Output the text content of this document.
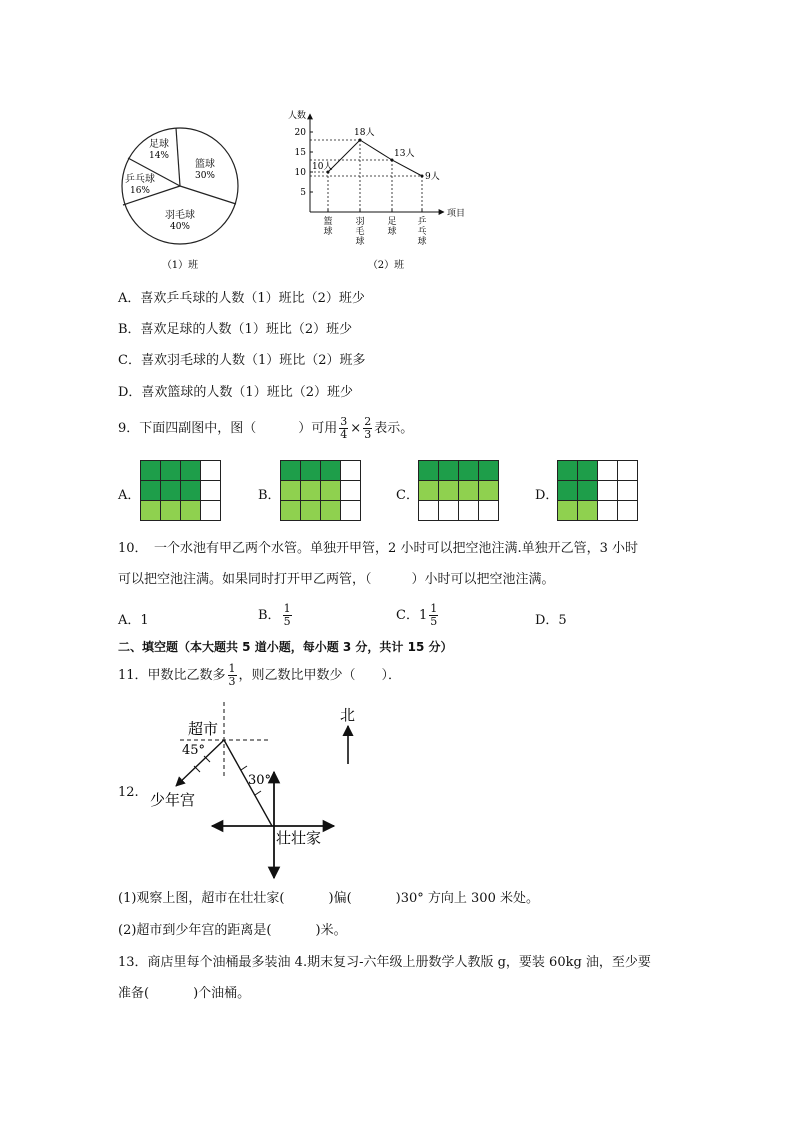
足球
14%
篮球
30%
羽毛球
40%
乒乓球
16%
（1）班
人数
项目
5
10
15
20
10人
18人
13人
9人
篮球
羽毛球
足球
乒乓球
（2）班
A．喜欢乒乓球的人数（1）班比（2）班少
B．喜欢足球的人数（1）班比（2）班少
C．喜欢羽毛球的人数（1）班比（2）班多
D．喜欢篮球的人数（1）班比（2）班少
9．下面四副图中，图（	）可用 $\frac{3}{4} \times \frac{2}{3}$ 表示。
A．	B．	C．	D．
10．　一个水池有甲乙两个水管。单独开甲管，2 小时可以把空池注满.单独开乙管，3 小时
可以把空池注满。如果同时打开甲乙两管，（	）小时可以把空池注满。
A．1	B． $\frac{1}{5}$	C．$1 \frac{1}{5}$	D．5
二、填空题（本大题共 5 道小题，每小题 3 分，共计 15 分）
11．甲数比乙数多 $\frac{1}{3}$ ，则乙数比甲数少（　　）．
12.
超市
45°
少年宫
30°
壮壮家
北
(1)观察上图，超市在壮壮家(	)偏(	)30° 方向上 300 米处。
(2)超市到少年宫的距离是(	)米。
13．商店里每个油桶最多装油 4.期末复习-六年级上册数学人教版 g，要装 60kg 油，至少要
准备(	)个油桶。
